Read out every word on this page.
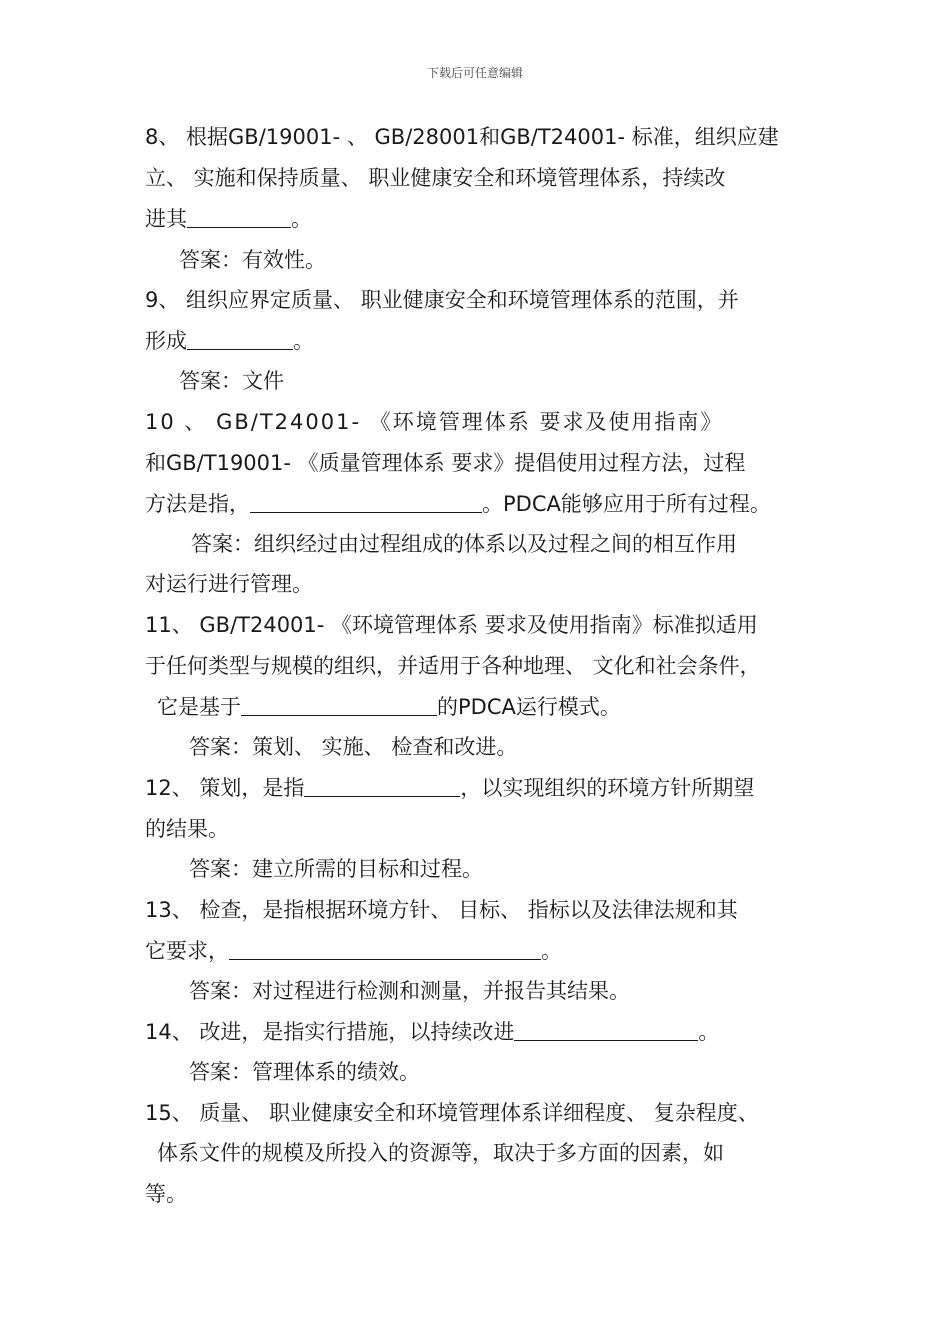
下载后可任意编辑
8、 根据GB/19001- 、 GB/28001和GB/T24001- 标准，组织应建
立、 实施和保持质量、 职业健康安全和环境管理体系，持续改
进其	。
答案：有效性。
9、 组织应界定质量、 职业健康安全和环境管理体系的范围，并
形成	。
答案：文件
10 、 GB/T24001- 《环境管理体系 要求及使用指南》
和GB/T19001- 《质量管理体系 要求》提倡使用过程方法，过程
方法是指，	。PDCA能够应用于所有过程。
答案：组织经过由过程组成的体系以及过程之间的相互作用
对运行进行管理。
11、 GB/T24001- 《环境管理体系 要求及使用指南》标准拟适用
于任何类型与规模的组织，并适用于各种地理、 文化和社会条件，
它是基于	的PDCA运行模式。
答案：策划、 实施、 检查和改进。
12、 策划，是指	，以实现组织的环境方针所期望
的结果。
答案：建立所需的目标和过程。
13、 检查，是指根据环境方针、 目标、 指标以及法律法规和其
它要求，	。
答案：对过程进行检测和测量，并报告其结果。
14、 改进，是指实行措施，以持续改进	。
答案：管理体系的绩效。
15、 质量、 职业健康安全和环境管理体系详细程度、 复杂程度、
体系文件的规模及所投入的资源等，取决于多方面的因素，如
等。
